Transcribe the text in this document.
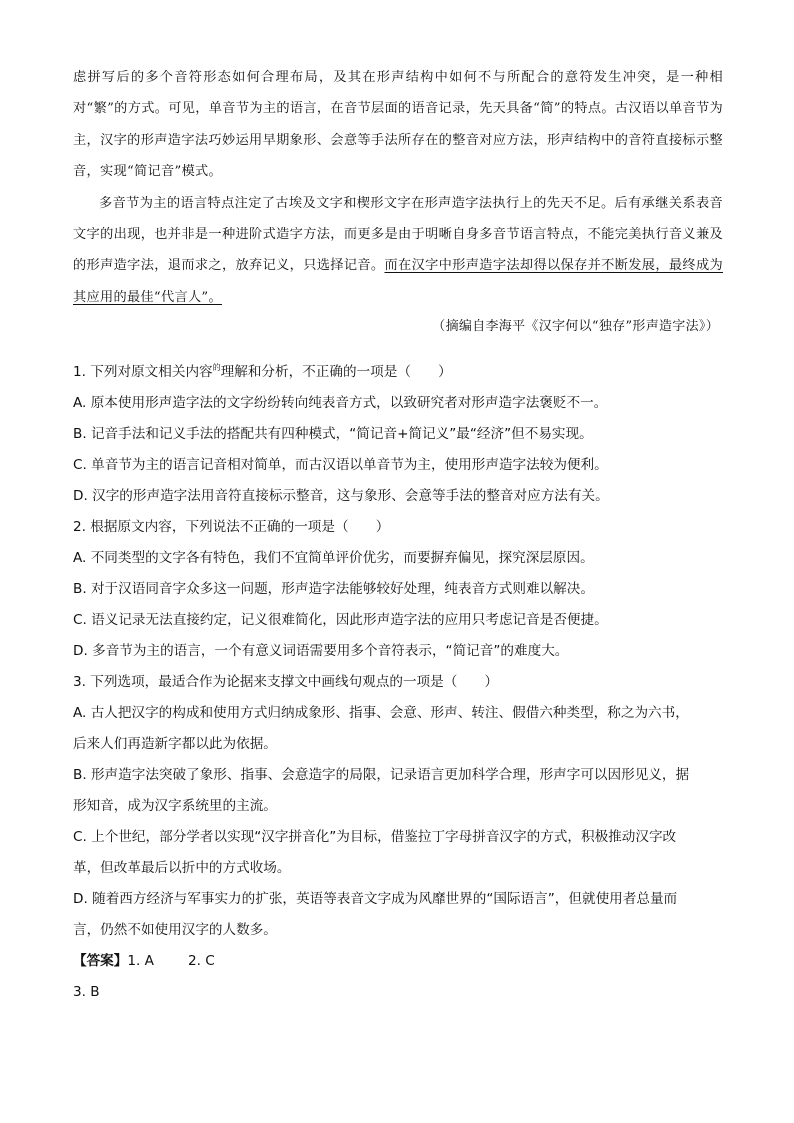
虑拼写后的多个音符形态如何合理布局，及其在形声结构中如何不与所配合的意符发生冲突，是一种相对“繁”的方式。可见，单音节为主的语言，在音节层面的语音记录，先天具备“简”的特点。古汉语以单音节为主，汉字的形声造字法巧妙运用早期象形、会意等手法所存在的整音对应方法，形声结构中的音符直接标示整音，实现“简记音”模式。

多音节为主的语言特点注定了古埃及文字和楔形文字在形声造字法执行上的先天不足。后有承继关系表音文字的出现，也并非是一种进阶式造字方法，而更多是由于明晰自身多音节语言特点，不能完美执行音义兼及的形声造字法，退而求之，放弃记义，只选择记音。而在汉字中形声造字法却得以保存并不断发展，最终成为其应用的最佳“代言人”。

（摘编自李海平《汉字何以“独存”形声造字法》）

1. 下列对原文相关内容$^的$理解和分析，不正确的一项是（　　）

A. 原本使用形声造字法的文字纷纷转向纯表音方式，以致研究者对形声造字法褒贬不一。

B. 记音手法和记义手法的搭配共有四种模式，“简记音+简记义”最“经济”但不易实现。

C. 单音节为主的语言记音相对简单，而古汉语以单音节为主，使用形声造字法较为便利。

D. 汉字的形声造字法用音符直接标示整音，这与象形、会意等手法的整音对应方法有关。

2. 根据原文内容，下列说法不正确的一项是（　　）

A. 不同类型的文字各有特色，我们不宜简单评价优劣，而要摒弃偏见，探究深层原因。

B. 对于汉语同音字众多这一问题，形声造字法能够较好处理，纯表音方式则难以解决。

C. 语义记录无法直接约定，记义很难简化，因此形声造字法的应用只考虑记音是否便捷。

D. 多音节为主的语言，一个有意义词语需要用多个音符表示，“简记音”的难度大。

3. 下列选项，最适合作为论据来支撑文中画线句观点的一项是（　　）

A. 古人把汉字的构成和使用方式归纳成象形、指事、会意、形声、转注、假借六种类型，称之为六书，

后来人们再造新字都以此为依据。

B. 形声造字法突破了象形、指事、会意造字的局限，记录语言更加科学合理，形声字可以因形见义，据

形知音，成为汉字系统里的主流。

C. 上个世纪，部分学者以实现“汉字拼音化”为目标，借鉴拉丁字母拼音汉字的方式，积极推动汉字改

革，但改革最后以折中的方式收场。

D. 随着西方经济与军事实力的扩张，英语等表音文字成为风靡世界的“国际语言”，但就使用者总量而

言，仍然不如使用汉字的人数多。

【答案】1. A	2. C

3. B
